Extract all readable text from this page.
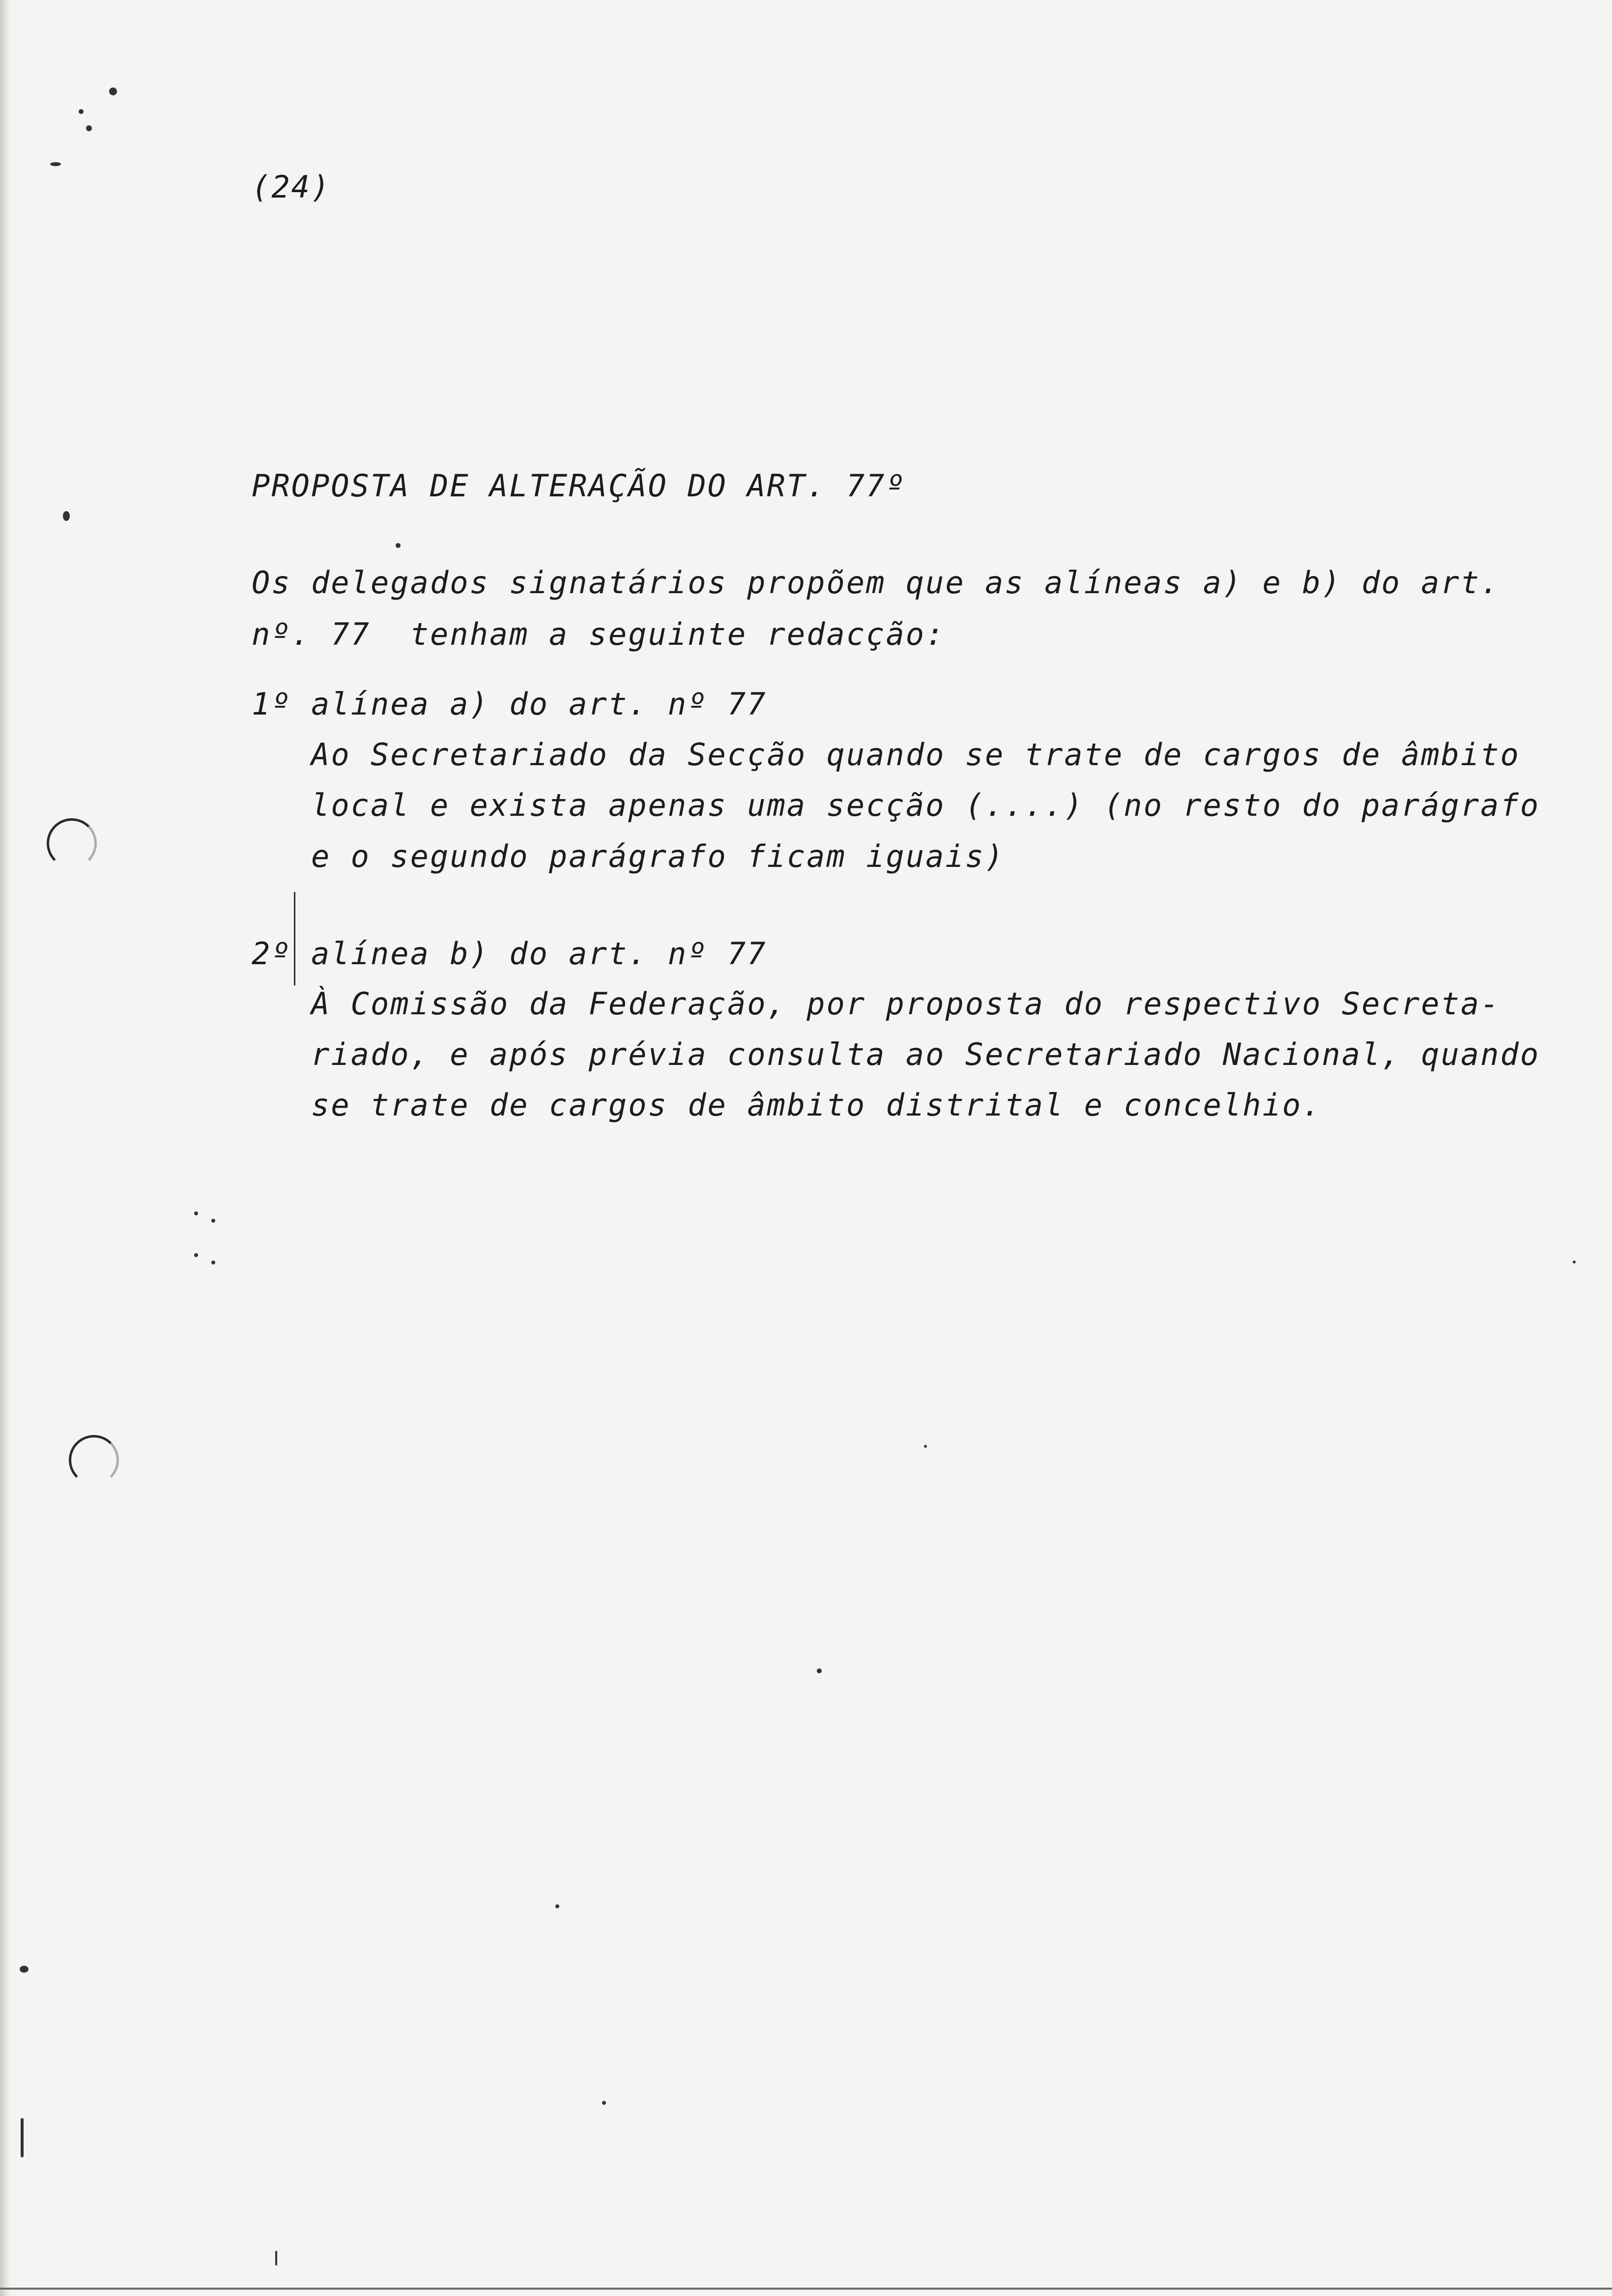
(24)
PROPOSTA DE ALTERAÇÃO DO ART. 77º
Os delegados signatários propõem que as alíneas a) e b) do art.
nº. 77  tenham a seguinte redacção:
1º alínea a) do art. nº 77
Ao Secretariado da Secção quando se trate de cargos de âmbito
local e exista apenas uma secção (....) (no resto do parágrafo
e o segundo parágrafo ficam iguais)
2º alínea b) do art. nº 77
À Comissão da Federação, por proposta do respectivo Secreta-
riado, e após prévia consulta ao Secretariado Nacional, quando
se trate de cargos de âmbito distrital e concelhio.
